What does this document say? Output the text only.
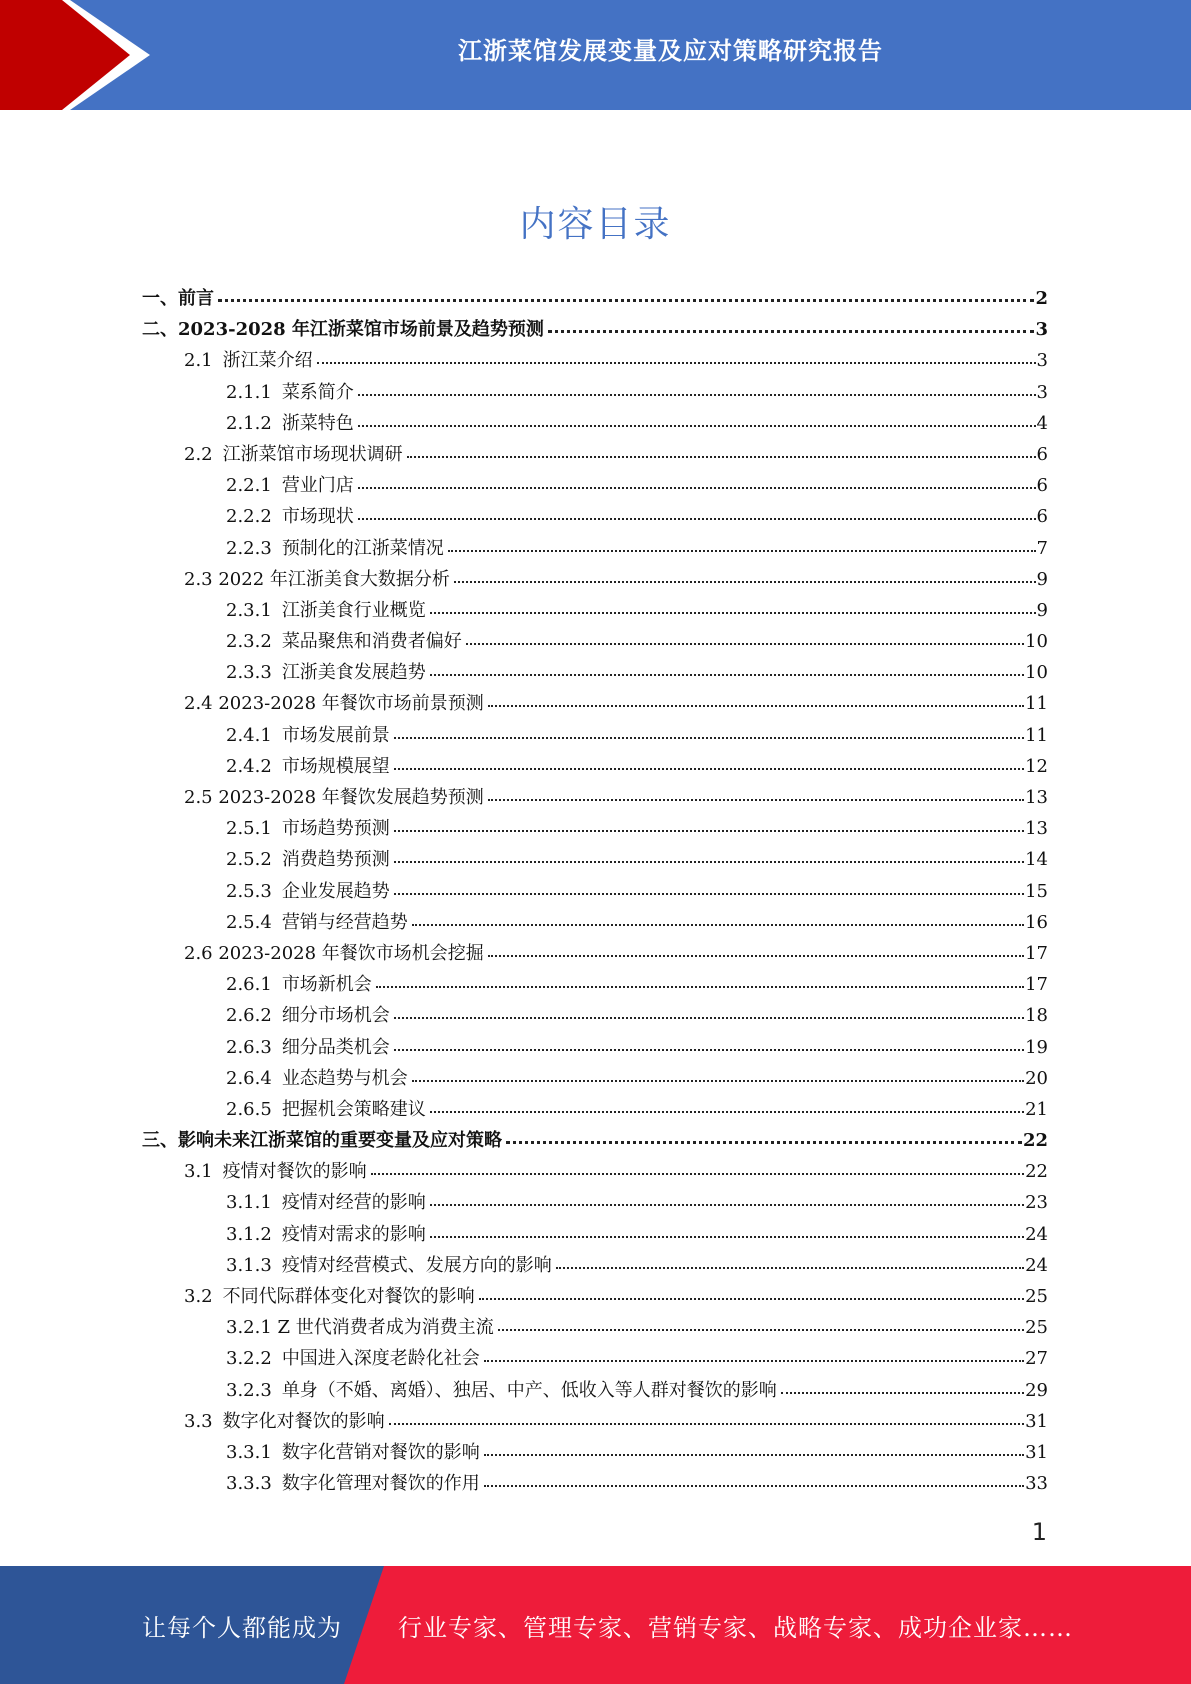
江浙菜馆发展变量及应对策略研究报告
内容目录
一、前言	2
二、2023-2028 年江浙菜馆市场前景及趋势预测	3
2.1 浙江菜介绍	3
2.1.1 菜系简介	3
2.1.2 浙菜特色	4
2.2 江浙菜馆市场现状调研	6
2.2.1 营业门店	6
2.2.2 市场现状	6
2.2.3 预制化的江浙菜情况	7
2.3 2022 年江浙美食大数据分析	9
2.3.1 江浙美食行业概览	9
2.3.2 菜品聚焦和消费者偏好	10
2.3.3 江浙美食发展趋势	10
2.4 2023-2028 年餐饮市场前景预测	11
2.4.1 市场发展前景	11
2.4.2 市场规模展望	12
2.5 2023-2028 年餐饮发展趋势预测	13
2.5.1 市场趋势预测	13
2.5.2 消费趋势预测	14
2.5.3 企业发展趋势	15
2.5.4 营销与经营趋势	16
2.6 2023-2028 年餐饮市场机会挖掘	17
2.6.1 市场新机会	17
2.6.2 细分市场机会	18
2.6.3 细分品类机会	19
2.6.4 业态趋势与机会	20
2.6.5 把握机会策略建议	21
三、影响未来江浙菜馆的重要变量及应对策略	22
3.1 疫情对餐饮的影响	22
3.1.1 疫情对经营的影响	23
3.1.2 疫情对需求的影响	24
3.1.3 疫情对经营模式、发展方向的影响	24
3.2 不同代际群体变化对餐饮的影响	25
3.2.1 Z 世代消费者成为消费主流	25
3.2.2 中国进入深度老龄化社会	27
3.2.3 单身（不婚、离婚）、独居、中产、低收入等人群对餐饮的影响	29
3.3 数字化对餐饮的影响	31
3.3.1 数字化营销对餐饮的影响	31
3.3.3 数字化管理对餐饮的作用	33
1
让每个人都能成为 行业专家、管理专家、营销专家、战略专家、成功企业家……
